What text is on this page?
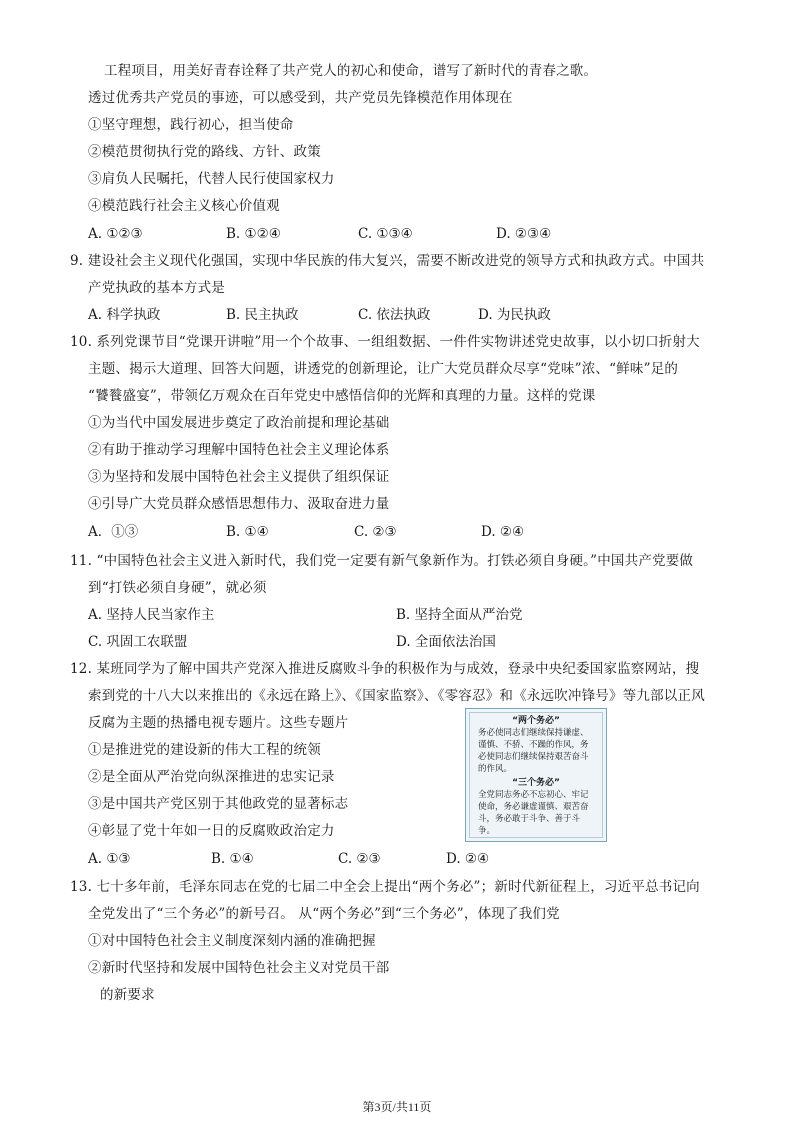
工程项目，用美好青春诠释了共产党人的初心和使命，谱写了新时代的青春之歌。
透过优秀共产党员的事迹，可以感受到，共产党员先锋模范作用体现在
①坚守理想，践行初心，担当使命
②模范贯彻执行党的路线、方针、政策
③肩负人民嘱托，代替人民行使国家权力
④模范践行社会主义核心价值观
A. ①②③	B. ①②④	C. ①③④	D. ②③④
9. 建设社会主义现代化强国，实现中华民族的伟大复兴，需要不断改进党的领导方式和执政方式。中国共
产党执政的基本方式是
A. 科学执政	B. 民主执政	C. 依法执政	D. 为民执政
10. 系列党课节目“党课开讲啦”用一个个故事、一组组数据、一件件实物讲述党史故事，以小切口折射大
主题、揭示大道理、回答大问题，讲透党的创新理论，让广大党员群众尽享“党味”浓、“鲜味”足的
“饕餮盛宴”，带领亿万观众在百年党史中感悟信仰的光辉和真理的力量。这样的党课
①为当代中国发展进步奠定了政治前提和理论基础
②有助于推动学习理解中国特色社会主义理论体系
③为坚持和发展中国特色社会主义提供了组织保证
④引导广大党员群众感悟思想伟力、汲取奋进力量
A．①③	B. ①④	C. ②③	D. ②④
11. “中国特色社会主义进入新时代，我们党一定要有新气象新作为。打铁必须自身硬。”中国共产党要做
到“打铁必须自身硬”，就必须
A. 坚持人民当家作主	B. 坚持全面从严治党
C. 巩固工农联盟	D. 全面依法治国
12. 某班同学为了解中国共产党深入推进反腐败斗争的积极作为与成效，登录中央纪委国家监察网站，搜
索到党的十八大以来推出的《永远在路上》、《国家监察》、《零容忍》和《永远吹冲锋号》等九部以正风
反腐为主题的热播电视专题片。这些专题片
①是推进党的建设新的伟大工程的统领
②是全面从严治党向纵深推进的忠实记录
③是中国共产党区别于其他政党的显著标志
④彰显了党十年如一日的反腐败政治定力
A. ①③	B. ①④	C. ②③	D. ②④
“两个务必”
务必使同志们继续保持谦虚、谨慎、不骄、不躁的作风，务必使同志们继续保持艰苦奋斗的作风。
“三个务必”
全党同志务必不忘初心、牢记使命，务必谦虚谨慎、艰苦奋斗，务必敢于斗争、善于斗争。
13. 七十多年前，毛泽东同志在党的七届二中全会上提出“两个务必”；新时代新征程上，习近平总书记向
全党发出了“三个务必”的新号召。 从“两个务必”到“三个务必”，体现了我们党
①对中国特色社会主义制度深刻内涵的准确把握
②新时代坚持和发展中国特色社会主义对党员干部
的新要求
第3页/共11页
